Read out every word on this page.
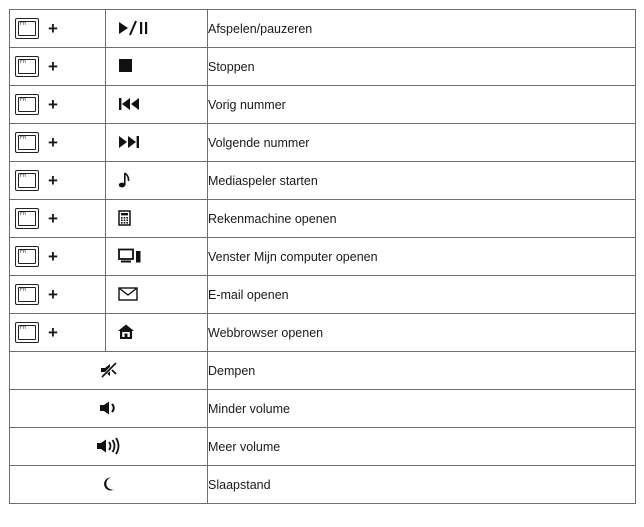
Fn +		Afspelen/pauzeren

Fn +		Stoppen

Fn +		Vorig nummer

Fn +		Volgende nummer

Fn +		Mediaspeler starten

Fn +		Rekenmachine openen

Fn +		Venster Mijn computer openen

Fn +		E-mail openen

Fn +		Webbrowser openen

	Dempen

	Minder volume

	Meer volume

	Slaapstand
